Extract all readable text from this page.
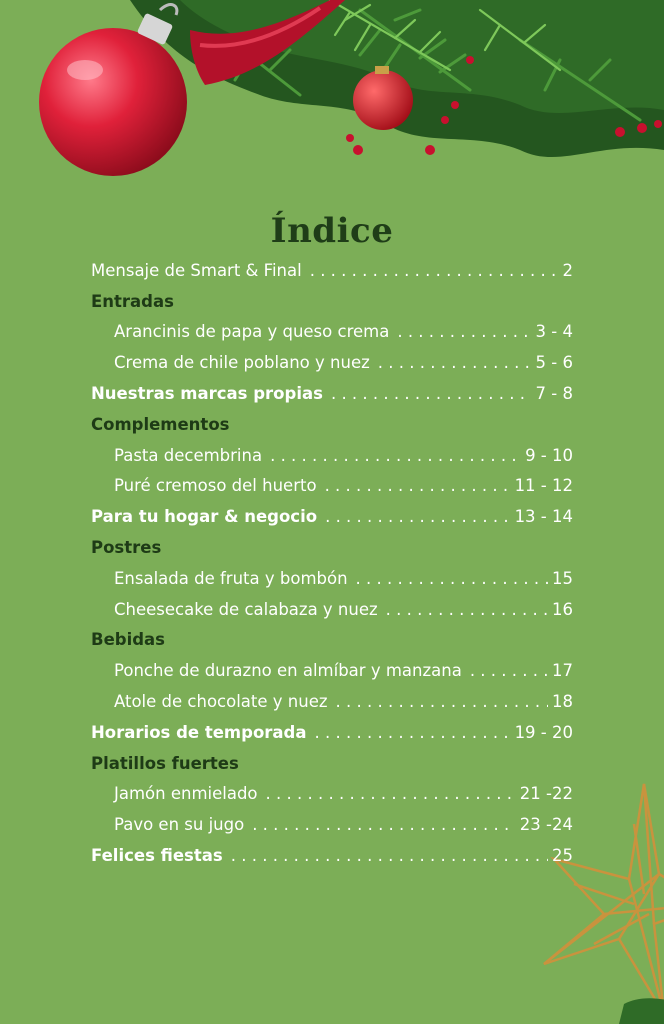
Índice
Mensaje de Smart & Final . . .	2
Entradas
Arancinis de papa y queso crema . . .	3 - 4
Crema de chile poblano y nuez . . .	5 - 6
Nuestras marcas propias . . .	7 - 8
Complementos
Pasta decembrina . . .	9 - 10
Puré cremoso del huerto . . .	11 - 12
Para tu hogar & negocio . . .	13 - 14
Postres
Ensalada de fruta y bombón . . .	15
Cheesecake de calabaza y nuez . . .	16
Bebidas
Ponche de durazno en almíbar y manzana . . .	17
Atole de chocolate y nuez . . .	18
Horarios de temporada . . .	19 - 20
Platillos fuertes
Jamón enmielado . . .	21 -22
Pavo en su jugo . . .	23 -24
Felices fiestas . . .	25
